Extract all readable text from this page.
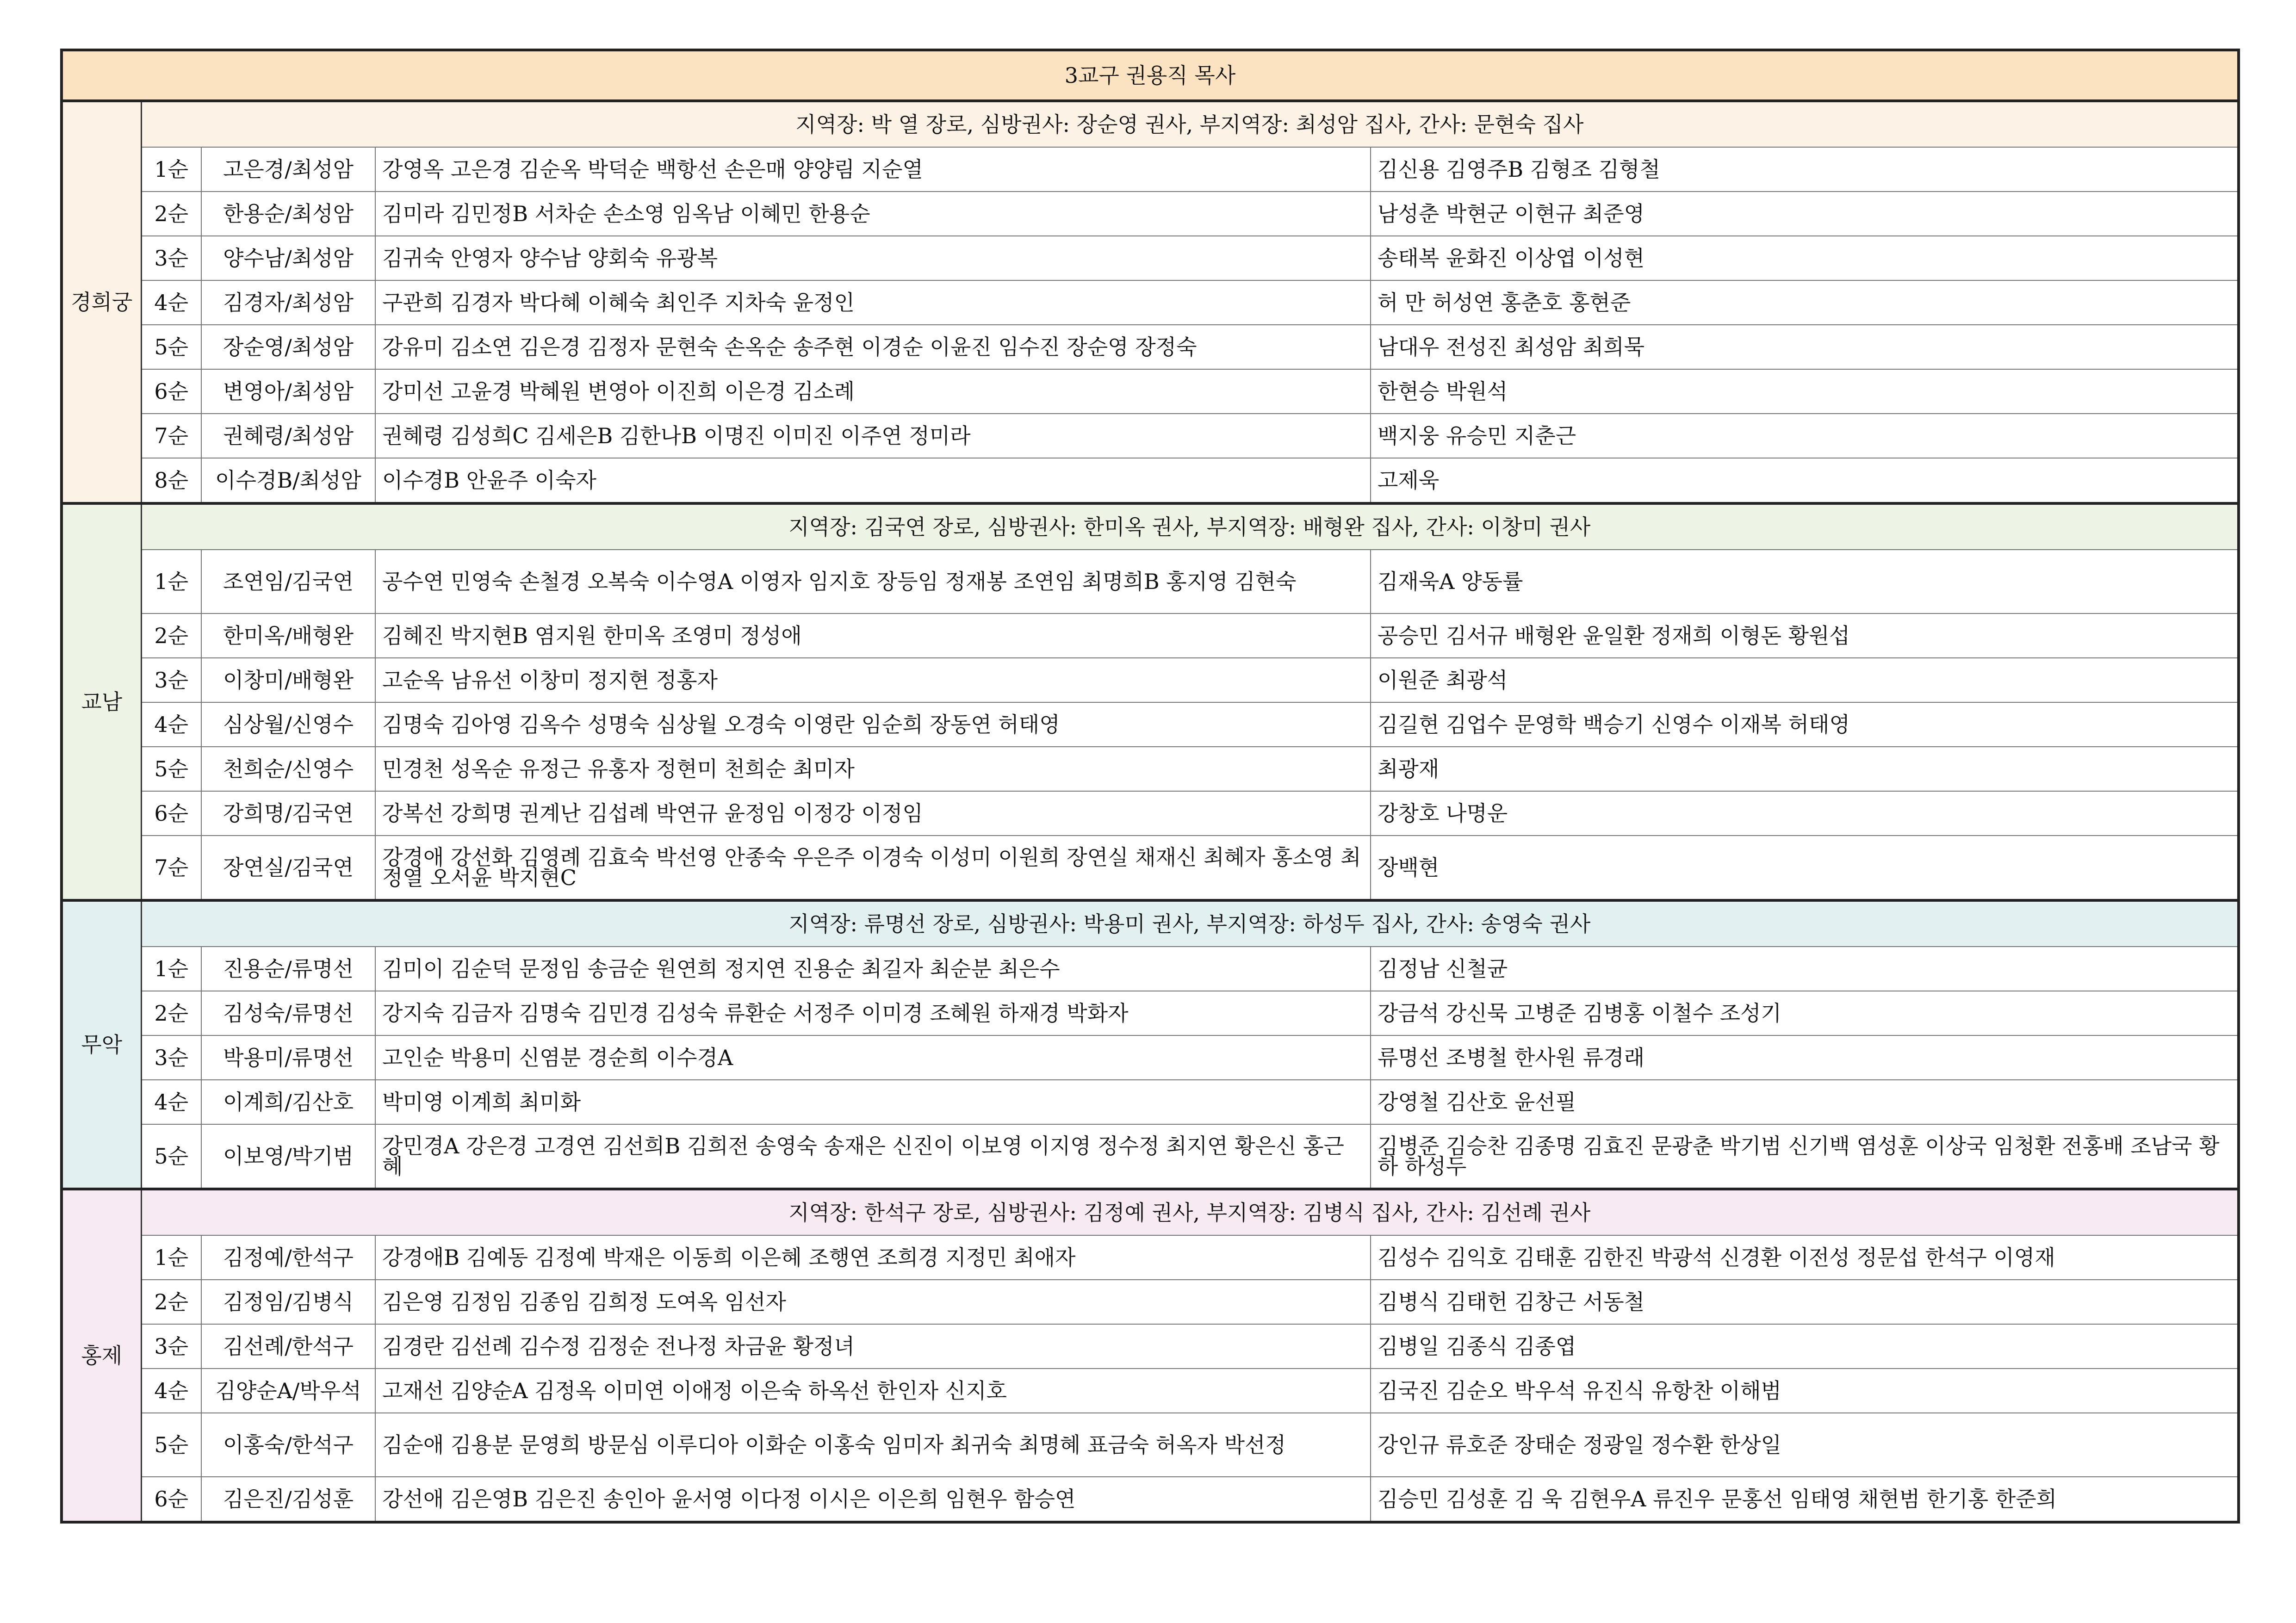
3교구 권용직 목사				
경희궁	지역장: 박 열 장로, 심방권사: 장순영 권사, 부지역장: 최성암 집사, 간사: 문현숙 집사			
	1순	고은경/최성암	강영옥 고은경 김순옥 박덕순 백항선 손은매 양양림 지순열	김신용 김영주B 김형조 김형철
	2순	한용순/최성암	김미라 김민정B 서차순 손소영 임옥남 이혜민 한용순	남성춘 박현군 이현규 최준영
	3순	양수남/최성암	김귀숙 안영자 양수남 양회숙 유광복	송태복 윤화진 이상엽 이성현
	4순	김경자/최성암	구관희 김경자 박다혜 이혜숙 최인주 지차숙 윤정인	허 만 허성연 홍춘호 홍현준
	5순	장순영/최성암	강유미 김소연 김은경 김정자 문현숙 손옥순 송주현 이경순 이윤진 임수진 장순영 장정숙	남대우 전성진 최성암 최희묵
	6순	변영아/최성암	강미선 고윤경 박혜원 변영아 이진희 이은경 김소례	한현승 박원석
	7순	권혜령/최성암	권혜령 김성희C 김세은B 김한나B 이명진 이미진 이주연 정미라	백지웅 유승민 지춘근
	8순	이수경B/최성암	이수경B 안윤주 이숙자	고제욱
교남	지역장: 김국연 장로, 심방권사: 한미옥 권사, 부지역장: 배형완 집사, 간사: 이창미 권사			
	1순	조연임/김국연	공수연 민영숙 손철경 오복숙 이수영A 이영자 임지호 장등임 정재봉 조연임 최명희B 홍지영 김현숙	김재욱A 양동률
	2순	한미옥/배형완	김혜진 박지현B 염지원 한미옥 조영미 정성애	공승민 김서규 배형완 윤일환 정재희 이형돈 황원섭
	3순	이창미/배형완	고순옥 남유선 이창미 정지현 정홍자	이원준 최광석
	4순	심상월/신영수	김명숙 김아영 김옥수 성명숙 심상월 오경숙 이영란 임순희 장동연 허태영	김길현 김업수 문영학 백승기 신영수 이재복 허태영
	5순	천희순/신영수	민경천 성옥순 유정근 유홍자 정현미 천희순 최미자	최광재
	6순	강희명/김국연	강복선 강희명 권계난 김섭례 박연규 윤정임 이정강 이정임	강창호 나명운
	7순	장연실/김국연	강경애 강선화 김영례 김효숙 박선영 안종숙 우은주 이경숙 이성미 이원희 장연실 채재신 최혜자 홍소영 최정열 오서윤 박지현C	장백현
무악	지역장: 류명선 장로, 심방권사: 박용미 권사, 부지역장: 하성두 집사, 간사: 송영숙 권사			
	1순	진용순/류명선	김미이 김순덕 문정임 송금순 원연희 정지연 진용순 최길자 최순분 최은수	김정남 신철균
	2순	김성숙/류명선	강지숙 김금자 김명숙 김민경 김성숙 류환순 서정주 이미경 조혜원 하재경 박화자	강금석 강신묵 고병준 김병홍 이철수 조성기
	3순	박용미/류명선	고인순 박용미 신염분 경순희 이수경A	류명선 조병철 한사원 류경래
	4순	이계희/김산호	박미영 이계희 최미화	강영철 김산호 윤선필
	5순	이보영/박기범	강민경A 강은경 고경연 김선희B 김희전 송영숙 송재은 신진이 이보영 이지영 정수정 최지연 황은신 홍근혜	김병준 김승찬 김종명 김효진 문광춘 박기범 신기백 염성훈 이상국 임청환 전홍배 조남국 황 하 하성두
홍제	지역장: 한석구 장로, 심방권사: 김정예 권사, 부지역장: 김병식 집사, 간사: 김선례 권사			
	1순	김정예/한석구	강경애B 김예동 김정예 박재은 이동희 이은혜 조행연 조희경 지정민 최애자	김성수 김익호 김태훈 김한진 박광석 신경환 이전성 정문섭 한석구 이영재
	2순	김정임/김병식	김은영 김정임 김종임 김희정 도여옥 임선자	김병식 김태헌 김창근 서동철
	3순	김선례/한석구	김경란 김선례 김수정 김정순 전나정 차금윤 황정녀	김병일 김종식 김종엽
	4순	김양순A/박우석	고재선 김양순A 김정옥 이미연 이애정 이은숙 하옥선 한인자 신지호	김국진 김순오 박우석 유진식 유항찬 이해범
	5순	이홍숙/한석구	김순애 김용분 문영희 방문심 이루디아 이화순 이홍숙 임미자 최귀숙 최명혜 표금숙 허옥자 박선정	강인규 류호준 장태순 정광일 정수환 한상일
	6순	김은진/김성훈	강선애 김은영B 김은진 송인아 윤서영 이다정 이시은 이은희 임현우 함승연	김승민 김성훈 김 욱 김현우A 류진우 문홍선 임태영 채현범 한기홍 한준희
